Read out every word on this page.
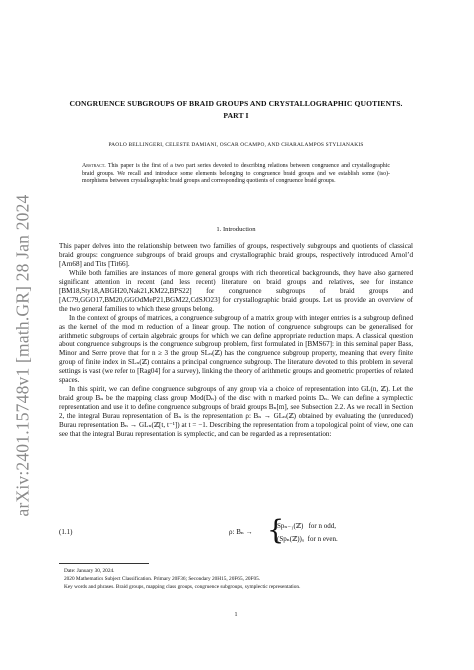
arXiv:2401.15748v1 [math.GR] 28 Jan 2024
CONGRUENCE SUBGROUPS OF BRAID GROUPS AND CRYSTALLOGRAPHIC QUOTIENTS.
PART I
PAOLO BELLINGERI, CELESTE DAMIANI, OSCAR OCAMPO, AND CHARALAMPOS STYLIANAKIS
Abstract. This paper is the first of a two part series devoted to describing relations between congruence and crystallographic braid groups. We recall and introduce some elements belonging to congruence braid groups and we establish some (iso)-morphisms between crystallographic braid groups and corresponding quotients of congruence braid groups.
1. Introduction

This paper delves into the relationship between two families of groups, respectively subgroups and quotients of classical braid groups: congruence subgroups of braid groups and crystallographic braid groups, respectively introduced Arnol’d [Arn68] and Tits [Tit66].

While both families are instances of more general groups with rich theoretical backgrounds, they have also garnered significant attention in recent (and less recent) literature on braid groups and relatives, see for instance [BM18,Sty18,ABGH20,Nak21,KM22,BPS22] for congruence subgroups of braid groups and [AC79,GGO17,BM20,GGOdMeP21,BGM22,CdSJO23] for crystallographic braid groups. Let us provide an overview of the two general families to which these groups belong.

In the context of groups of matrices, a congruence subgroup of a matrix group with integer entries is a subgroup defined as the kernel of the mod m reduction of a linear group. The notion of congruence subgroups can be generalised for arithmetic subgroups of certain algebraic groups for which we can define appropriate reduction maps. A classical question about congruence subgroups is the congruence subgroup problem, first formulated in [BMS67]: in this seminal paper Bass, Minor and Serre prove that for n ≥ 3 the group SLₙ(ℤ) has the congruence subgroup property, meaning that every finite group of finite index in SLₙ(ℤ) contains a principal congruence subgroup. The literature devoted to this problem in several settings is vast (we refer to [Rag04] for a survey), linking the theory of arithmetic groups and geometric properties of related spaces.

In this spirit, we can define congruence subgroups of any group via a choice of representation into GL(n, ℤ). Let the braid group Bₙ be the mapping class group Mod(Dₙ) of the disc with n marked points Dₙ. We can define a symplectic representation and use it to define congruence subgroups of braid groups Bₙ[m], see Subsection 2.2. As we recall in Section 2, the integral Burau representation of Bₙ is the representation ρ: Bₙ → GLₙ(ℤ) obtained by evaluating the (unreduced) Burau representation Bₙ → GLₙ(ℤ[t, t⁻¹]) at t = −1. Describing the representation from a topological point of view, one can see that the integral Burau representation is symplectic, and can be regarded as a representation:

(1.1)	ρ: Bₙ → {
Spₙ₋₁(ℤ) for n odd,
(Spₙ(ℤ))ᵤ for n even.
Date: January 30, 2024.
2020 Mathematics Subject Classification. Primary 20F36; Secondary 20H15, 20F65, 20F05.
Key words and phrases. Braid groups, mapping class groups, congruence subgroups, symplectic representation.
1
